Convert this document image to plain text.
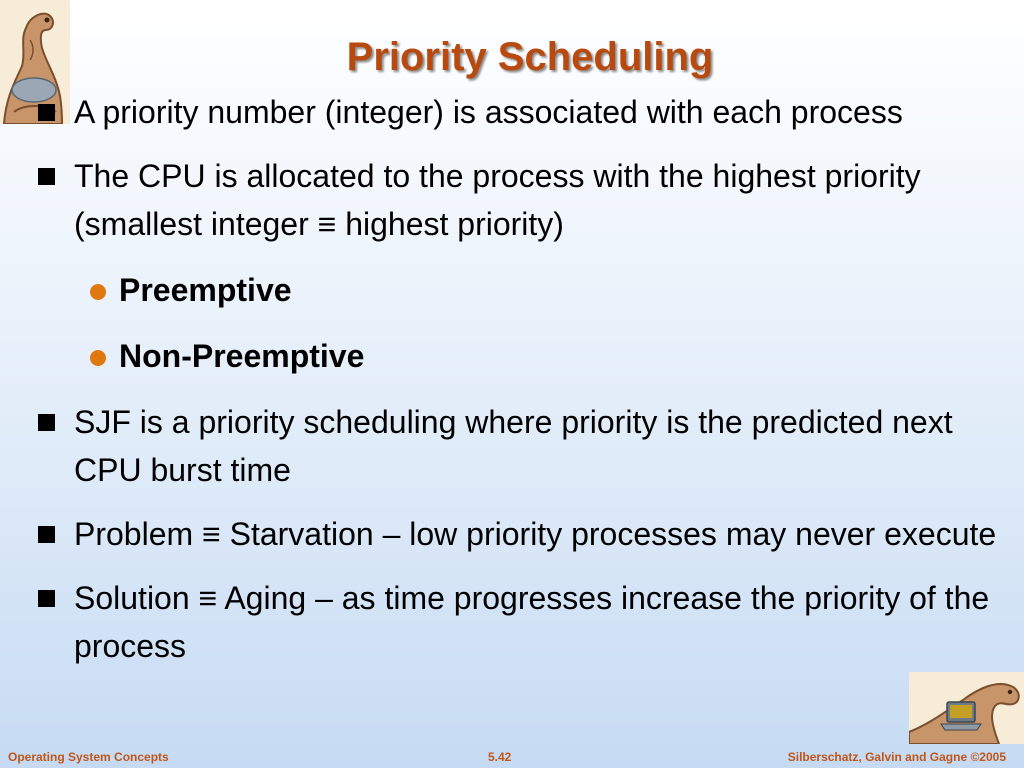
Priority Scheduling
A priority number (integer) is associated with each process
The CPU is allocated to the process with the highest priority (smallest integer ≡ highest priority)
Preemptive
Non-Preemptive
SJF is a priority scheduling where priority is the predicted next CPU burst time
Problem ≡ Starvation – low priority processes may never execute
Solution ≡ Aging – as time progresses increase the priority of the process
Operating System Concepts	5.42	Silberschatz, Galvin and Gagne ©2005
